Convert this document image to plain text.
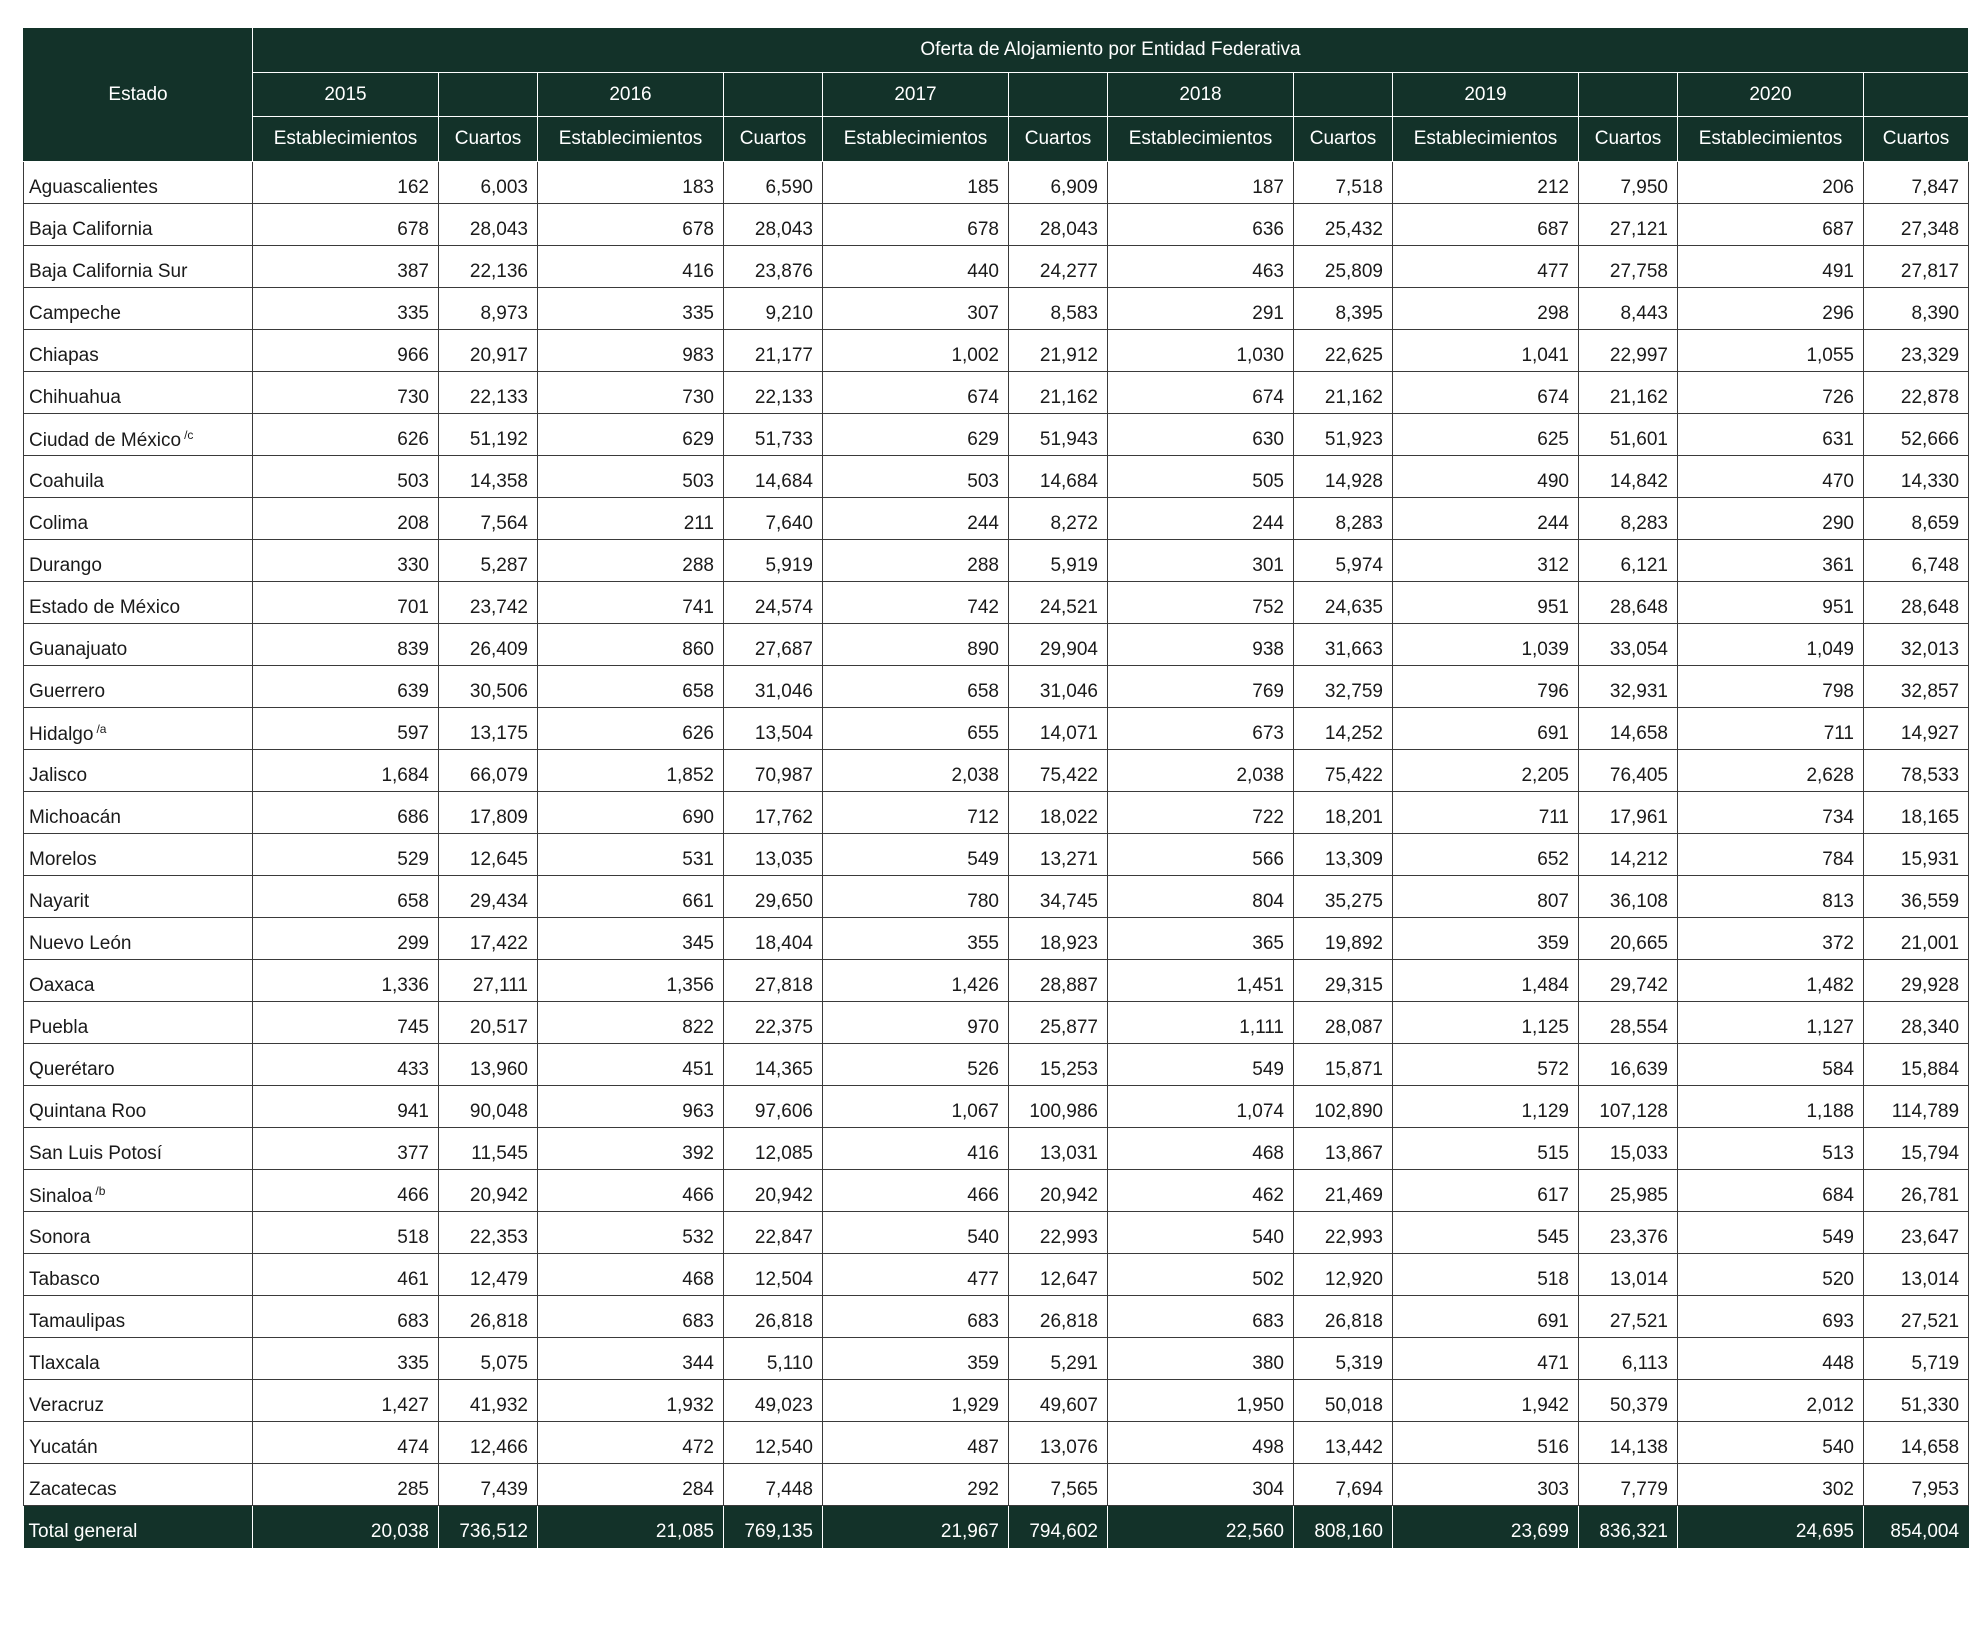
Estado	Oferta de Alojamiento por Entidad Federativa											
	2015		2016		2017		2018		2019		2020	
	Establecimientos	Cuartos	Establecimientos	Cuartos	Establecimientos	Cuartos	Establecimientos	Cuartos	Establecimientos	Cuartos	Establecimientos	Cuartos
Aguascalientes	162	6,003	183	6,590	185	6,909	187	7,518	212	7,950	206	7,847
Baja California	678	28,043	678	28,043	678	28,043	636	25,432	687	27,121	687	27,348
Baja California Sur	387	22,136	416	23,876	440	24,277	463	25,809	477	27,758	491	27,817
Campeche	335	8,973	335	9,210	307	8,583	291	8,395	298	8,443	296	8,390
Chiapas	966	20,917	983	21,177	1,002	21,912	1,030	22,625	1,041	22,997	1,055	23,329
Chihuahua	730	22,133	730	22,133	674	21,162	674	21,162	674	21,162	726	22,878
Ciudad de México $^{/c}$	626	51,192	629	51,733	629	51,943	630	51,923	625	51,601	631	52,666
Coahuila	503	14,358	503	14,684	503	14,684	505	14,928	490	14,842	470	14,330
Colima	208	7,564	211	7,640	244	8,272	244	8,283	244	8,283	290	8,659
Durango	330	5,287	288	5,919	288	5,919	301	5,974	312	6,121	361	6,748
Estado de México	701	23,742	741	24,574	742	24,521	752	24,635	951	28,648	951	28,648
Guanajuato	839	26,409	860	27,687	890	29,904	938	31,663	1,039	33,054	1,049	32,013
Guerrero	639	30,506	658	31,046	658	31,046	769	32,759	796	32,931	798	32,857
Hidalgo $^{/a}$	597	13,175	626	13,504	655	14,071	673	14,252	691	14,658	711	14,927
Jalisco	1,684	66,079	1,852	70,987	2,038	75,422	2,038	75,422	2,205	76,405	2,628	78,533
Michoacán	686	17,809	690	17,762	712	18,022	722	18,201	711	17,961	734	18,165
Morelos	529	12,645	531	13,035	549	13,271	566	13,309	652	14,212	784	15,931
Nayarit	658	29,434	661	29,650	780	34,745	804	35,275	807	36,108	813	36,559
Nuevo León	299	17,422	345	18,404	355	18,923	365	19,892	359	20,665	372	21,001
Oaxaca	1,336	27,111	1,356	27,818	1,426	28,887	1,451	29,315	1,484	29,742	1,482	29,928
Puebla	745	20,517	822	22,375	970	25,877	1,111	28,087	1,125	28,554	1,127	28,340
Querétaro	433	13,960	451	14,365	526	15,253	549	15,871	572	16,639	584	15,884
Quintana Roo	941	90,048	963	97,606	1,067	100,986	1,074	102,890	1,129	107,128	1,188	114,789
San Luis Potosí	377	11,545	392	12,085	416	13,031	468	13,867	515	15,033	513	15,794
Sinaloa $^{/b}$	466	20,942	466	20,942	466	20,942	462	21,469	617	25,985	684	26,781
Sonora	518	22,353	532	22,847	540	22,993	540	22,993	545	23,376	549	23,647
Tabasco	461	12,479	468	12,504	477	12,647	502	12,920	518	13,014	520	13,014
Tamaulipas	683	26,818	683	26,818	683	26,818	683	26,818	691	27,521	693	27,521
Tlaxcala	335	5,075	344	5,110	359	5,291	380	5,319	471	6,113	448	5,719
Veracruz	1,427	41,932	1,932	49,023	1,929	49,607	1,950	50,018	1,942	50,379	2,012	51,330
Yucatán	474	12,466	472	12,540	487	13,076	498	13,442	516	14,138	540	14,658
Zacatecas	285	7,439	284	7,448	292	7,565	304	7,694	303	7,779	302	7,953
Total general	20,038	736,512	21,085	769,135	21,967	794,602	22,560	808,160	23,699	836,321	24,695	854,004
